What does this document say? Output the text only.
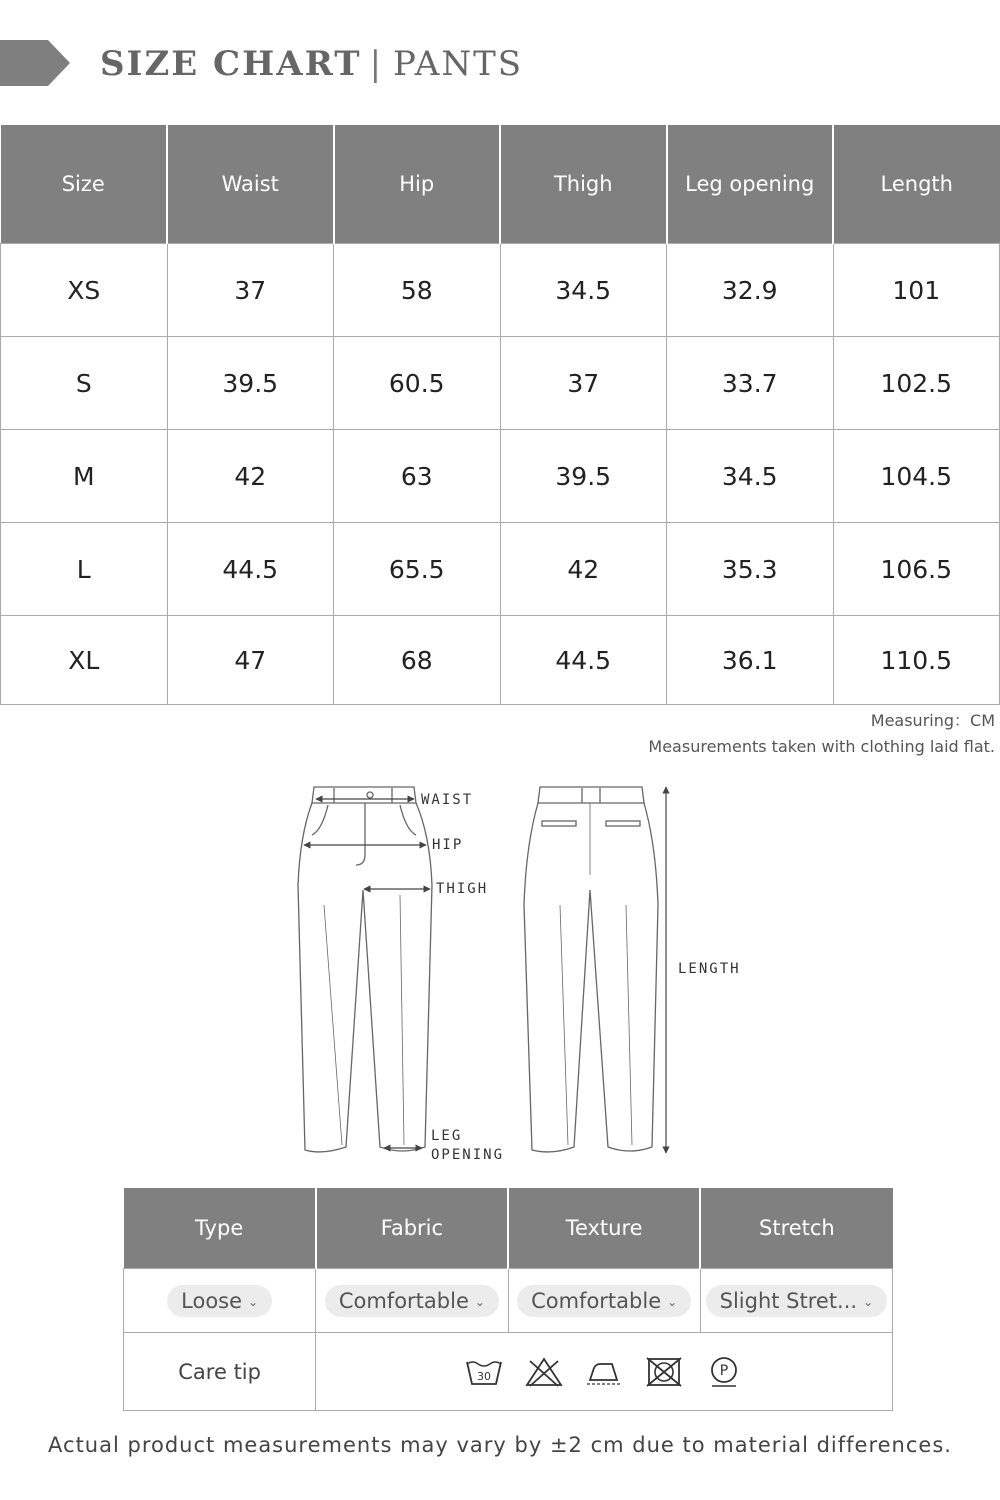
SIZE CHART | PANTS
Size	Waist	Hip	Thigh	Leg opening	Length
XS	37	58	34.5	32.9	101
S	39.5	60.5	37	33.7	102.5
M	42	63	39.5	34.5	104.5
L	44.5	65.5	42	35.3	106.5
XL	47	68	44.5	36.1	110.5
Measuring：CM
Measurements taken with clothing laid flat.
WAIST
HIP
THIGH
LEG
OPENING
LENGTH
Type	Fabric	Texture	Stretch
Loose ⌄	Comfortable ⌄	Comfortable ⌄	Slight Stret... ⌄
Care tip	30 P		
Actual product measurements may vary by ±2 cm due to material differences.
